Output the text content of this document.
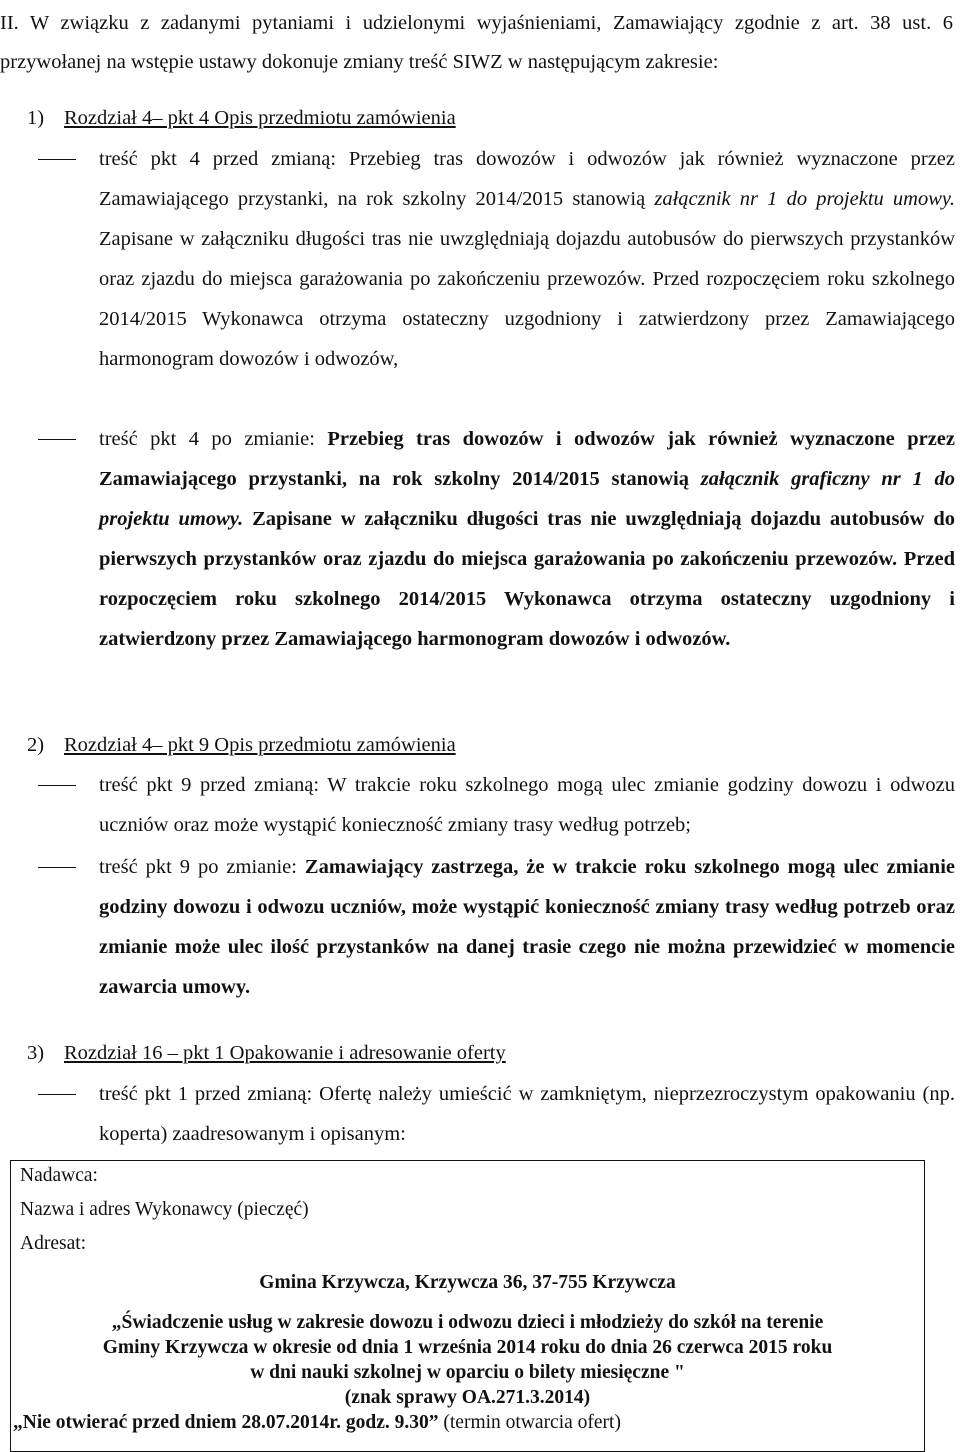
II. W związku z zadanymi pytaniami i udzielonymi wyjaśnieniami, Zamawiający zgodnie z art. 38 ust. 6 przywołanej na wstępie ustawy dokonuje zmiany treść SIWZ w następującym zakresie:

1) Rozdział 4– pkt 4 Opis przedmiotu zamówienia

treść pkt 4 przed zmianą: Przebieg tras dowozów i odwozów jak również wyznaczone przez Zamawiającego przystanki, na rok szkolny 2014/2015 stanowią załącznik nr 1 do projektu umowy. Zapisane w załączniku długości tras nie uwzględniają dojazdu autobusów do pierwszych przystanków oraz zjazdu do miejsca garażowania po zakończeniu przewozów. Przed rozpoczęciem roku szkolnego 2014/2015 Wykonawca otrzyma ostateczny uzgodniony i zatwierdzony przez Zamawiającego harmonogram dowozów i odwozów,

treść pkt 4 po zmianie: Przebieg tras dowozów i odwozów jak również wyznaczone przez Zamawiającego przystanki, na rok szkolny 2014/2015 stanowią załącznik graficzny nr 1 do projektu umowy. Zapisane w załączniku długości tras nie uwzględniają dojazdu autobusów do pierwszych przystanków oraz zjazdu do miejsca garażowania po zakończeniu przewozów. Przed rozpoczęciem roku szkolnego 2014/2015 Wykonawca otrzyma ostateczny uzgodniony i zatwierdzony przez Zamawiającego harmonogram dowozów i odwozów.

2) Rozdział 4– pkt 9 Opis przedmiotu zamówienia

treść pkt 9 przed zmianą: W trakcie roku szkolnego mogą ulec zmianie godziny dowozu i odwozu uczniów oraz może wystąpić konieczność zmiany trasy według potrzeb;

treść pkt 9 po zmianie: Zamawiający zastrzega, że w trakcie roku szkolnego mogą ulec zmianie godziny dowozu i odwozu uczniów, może wystąpić konieczność zmiany trasy według potrzeb oraz zmianie może ulec ilość przystanków na danej trasie czego nie można przewidzieć w momencie zawarcia umowy.

3) Rozdział 16 – pkt 1 Opakowanie i adresowanie oferty

treść pkt 1 przed zmianą: Ofertę należy umieścić w zamkniętym, nieprzezroczystym opakowaniu (np. koperta) zaadresowanym i opisanym:

Nadawca:
Nazwa i adres Wykonawcy (pieczęć)
Adresat:
Gmina Krzywcza, Krzywcza 36, 37-755 Krzywcza
„Świadczenie usług w zakresie dowozu i odwozu dzieci i młodzieży do szkół na terenie
Gminy Krzywcza w okresie od dnia 1 września 2014 roku do dnia 26 czerwca 2015 roku
w dni nauki szkolnej w oparciu o bilety miesięczne "
(znak sprawy OA.271.3.2014)
„Nie otwierać przed dniem 28.07.2014r. godz. 9.30” (termin otwarcia ofert)
